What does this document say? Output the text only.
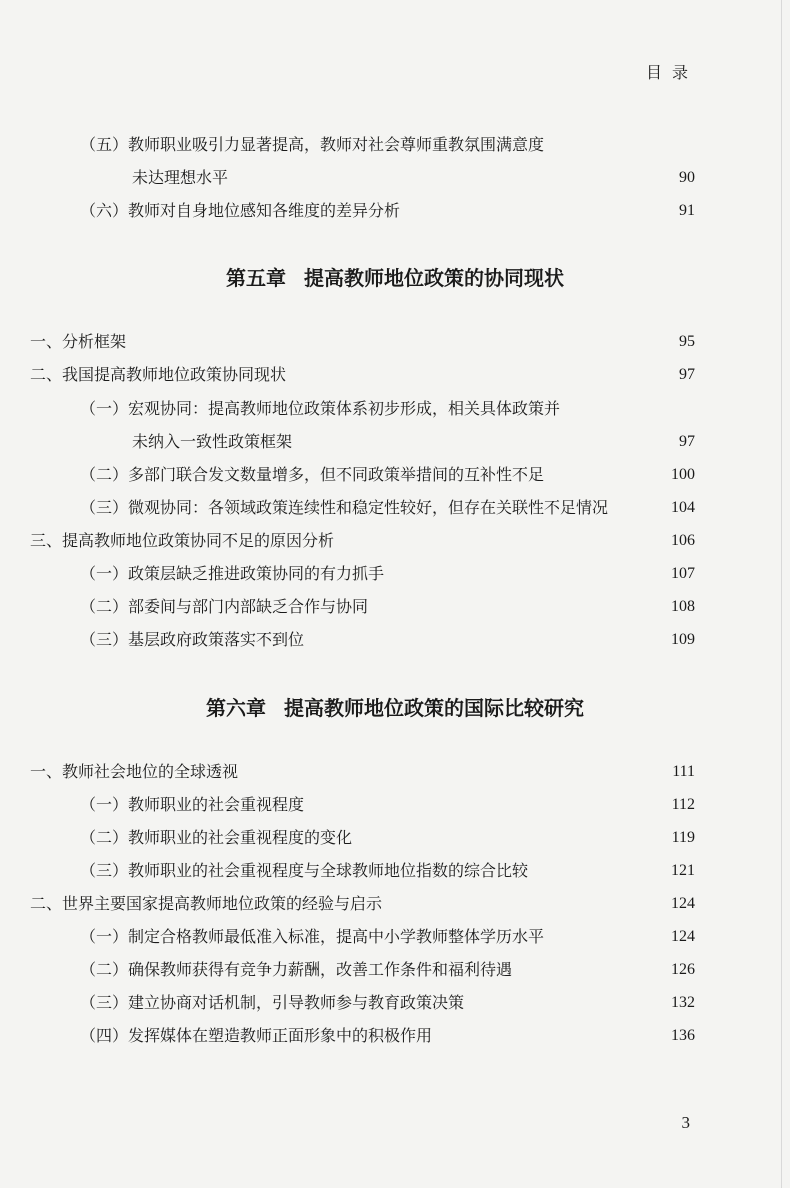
目录
（五）教师职业吸引力显著提高，教师对社会尊师重教氛围满意度
未达理想水平	90
（六）教师对自身地位感知各维度的差异分析	91
第五章 提高教师地位政策的协同现状
一、分析框架	95
二、我国提高教师地位政策协同现状	97
（一）宏观协同：提高教师地位政策体系初步形成，相关具体政策并
未纳入一致性政策框架	97
（二）多部门联合发文数量增多，但不同政策举措间的互补性不足	100
（三）微观协同：各领域政策连续性和稳定性较好，但存在关联性不足情况	104
三、提高教师地位政策协同不足的原因分析	106
（一）政策层缺乏推进政策协同的有力抓手	107
（二）部委间与部门内部缺乏合作与协同	108
（三）基层政府政策落实不到位	109
第六章 提高教师地位政策的国际比较研究
一、教师社会地位的全球透视	111
（一）教师职业的社会重视程度	112
（二）教师职业的社会重视程度的变化	119
（三）教师职业的社会重视程度与全球教师地位指数的综合比较	121
二、世界主要国家提高教师地位政策的经验与启示	124
（一）制定合格教师最低准入标准，提高中小学教师整体学历水平	124
（二）确保教师获得有竞争力薪酬，改善工作条件和福利待遇	126
（三）建立协商对话机制，引导教师参与教育政策决策	132
（四）发挥媒体在塑造教师正面形象中的积极作用	136
3
